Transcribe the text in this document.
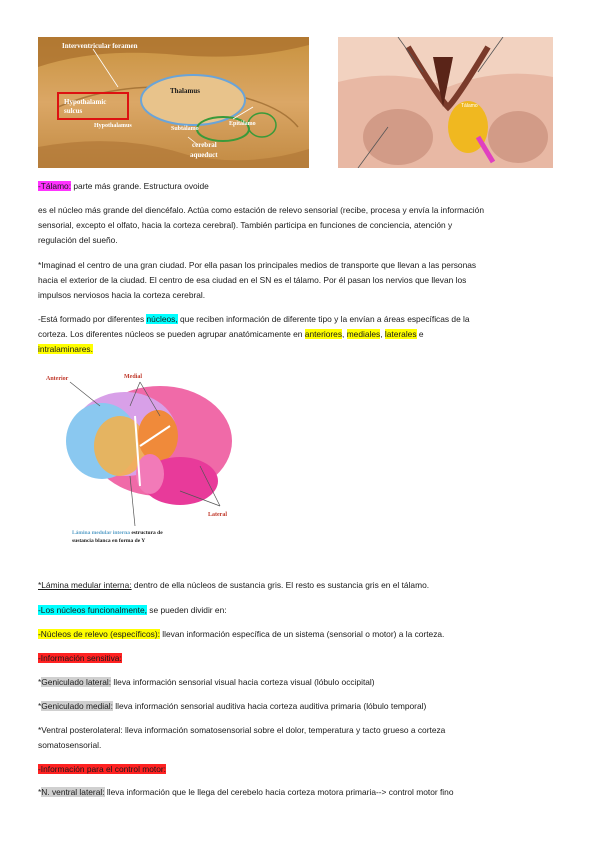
Interventricular foramen
Thalamus
Hypothalamic
sulcus
Hypothalamus	Subtálamo
Epitálamo
cerebral
aqueduct
Tálamo
-Tálamo: parte más grande. Estructura ovoide
es el núcleo más grande del diencéfalo. Actúa como estación de relevo sensorial (recibe, procesa y envía la información
sensorial, excepto el olfato, hacia la corteza cerebral). También participa en funciones de conciencia, atención y
regulación del sueño.
*Imaginad el centro de una gran ciudad. Por ella pasan los principales medios de transporte que llevan a las personas
hacia el exterior de la ciudad. El centro de esa ciudad en el SN es el tálamo. Por él pasan los nervios que llevan los
impulsos nerviosos hacia la corteza cerebral.
-Está formado por diferentes núcleos, que reciben información de diferente tipo y la envían a áreas específicas de la
corteza. Los diferentes núcleos se pueden agrupar anatómicamente en anteriores, mediales, laterales e
intralaminares.
Anterior	Medial
Lateral
Lámina medular interna estructura de
sustancia blanca en forma de Y
*Lámina medular interna: dentro de ella núcleos de sustancia gris. El resto es sustancia gris en el tálamo.
-Los núcleos funcionalmente, se pueden dividir en:
-Núcleos de relevo (específicos): llevan información específica de un sistema (sensorial o motor) a la corteza.
-Información sensitiva:
*Geniculado lateral: lleva información sensorial visual hacia corteza visual (lóbulo occipital)
*Geniculado medial: lleva información sensorial auditiva hacia corteza auditiva primaria (lóbulo temporal)
*Ventral posterolateral: lleva información somatosensorial sobre el dolor, temperatura y tacto grueso a corteza
somatosensorial.
-Información para el control motor:
*N. ventral lateral: lleva información que le llega del cerebelo hacia corteza motora primaria--> control motor fino
